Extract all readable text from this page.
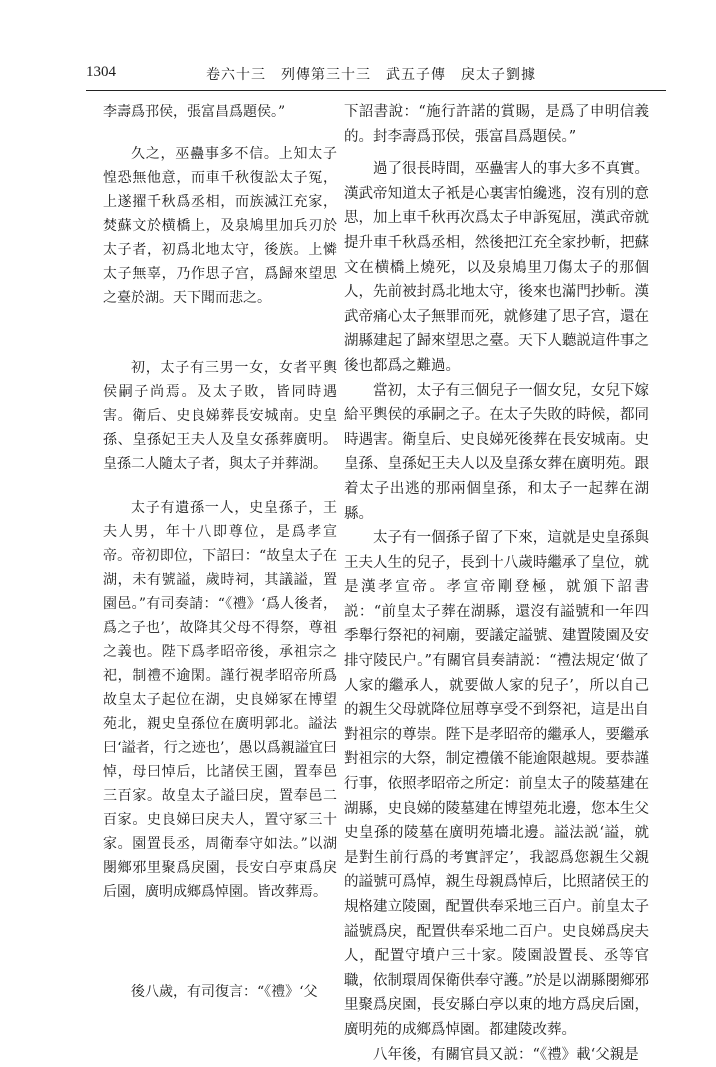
1304	卷六十三　列傳第三十三　武五子傳　戾太子劉據

李壽爲邘侯，張富昌爲題侯。”

久之，巫蠱事多不信。上知太子惶恐無他意，而車千秋復訟太子冤，上遂擢千秋爲丞相，而族滅江充家，焚蘇文於横橋上，及泉鳩里加兵刃於太子者，初爲北地太守，後族。上憐太子無辜，乃作思子宫，爲歸來望思之臺於湖。天下聞而悲之。

初，太子有三男一女，女者平輿侯嗣子尚焉。及太子敗，皆同時遇害。衛后、史良娣葬長安城南。史皇孫、皇孫妃王夫人及皇女孫葬廣明。皇孫二人隨太子者，與太子并葬湖。

太子有遺孫一人，史皇孫子，王夫人男，年十八即尊位，是爲孝宣帝。帝初即位，下詔曰：“故皇太子在湖，未有號謚，歲時祠，其議謚，置園邑。”有司奏請：“《禮》‘爲人後者，爲之子也’，故降其父母不得祭，尊祖之義也。陛下爲孝昭帝後，承祖宗之祀，制禮不逾閑。謹行視孝昭帝所爲故皇太子起位在湖，史良娣冢在博望苑北，親史皇孫位在廣明郭北。謚法曰‘謚者，行之迹也’，愚以爲親謚宜曰悼，母曰悼后，比諸侯王園，置奉邑三百家。故皇太子謚曰戾，置奉邑二百家。史良娣曰戾夫人，置守冢三十家。園置長丞，周衛奉守如法。”以湖閿鄉邪里聚爲戾園，長安白亭東爲戾后園，廣明成鄉爲悼園。皆改葬焉。

後八歲，有司復言：“《禮》‘父

下詔書說：“施行許諾的賞賜，是爲了申明信義的。封李壽爲邘侯，張富昌爲題侯。”

過了很長時間，巫蠱害人的事大多不真實。漢武帝知道太子衹是心裏害怕纔逃，沒有別的意思，加上車千秋再次爲太子申訴冤屈，漢武帝就提升車千秋爲丞相，然後把江充全家抄斬，把蘇文在横橋上燒死，以及泉鳩里刀傷太子的那個人，先前被封爲北地太守，後來也滿門抄斬。漢武帝痛心太子無罪而死，就修建了思子宫，還在湖縣建起了歸來望思之臺。天下人聽説這件事之後也都爲之難過。

當初，太子有三個兒子一個女兒，女兒下嫁給平輿侯的承嗣之子。在太子失敗的時候，都同時遇害。衛皇后、史良娣死後葬在長安城南。史皇孫、皇孫妃王夫人以及皇孫女葬在廣明苑。跟着太子出逃的那兩個皇孫，和太子一起葬在湖縣。

太子有一個孫子留了下來，這就是史皇孫與王夫人生的兒子，長到十八歲時繼承了皇位，就是漢孝宣帝。孝宣帝剛登極，就頒下詔書説：“前皇太子葬在湖縣，還沒有謚號和一年四季舉行祭祀的祠廟，要議定謚號、建置陵園及安排守陵民户。”有關官員奏請説：“禮法規定‘做了人家的繼承人，就要做人家的兒子’，所以自己的親生父母就降位屈尊享受不到祭祀，這是出自對祖宗的尊崇。陛下是孝昭帝的繼承人，要繼承對祖宗的大祭，制定禮儀不能逾限越規。要恭謹行事，依照孝昭帝之所定：前皇太子的陵墓建在湖縣，史良娣的陵墓建在博望苑北邊，您本生父史皇孫的陵墓在廣明苑墻北邊。謚法説‘謚，就是對生前行爲的考實評定’，我認爲您親生父親的謚號可爲悼，親生母親爲悼后，比照諸侯王的規格建立陵園，配置供奉采地三百户。前皇太子謚號爲戾，配置供奉采地二百户。史良娣爲戾夫人，配置守墳户三十家。陵園設置長、丞等官職，依制環周保衛供奉守護。”於是以湖縣閿鄉邪里聚爲戾園，長安縣白亭以東的地方爲戾后園，廣明苑的成鄉爲悼園。都建陵改葬。

八年後，有關官員又説：“《禮》載‘父親是
